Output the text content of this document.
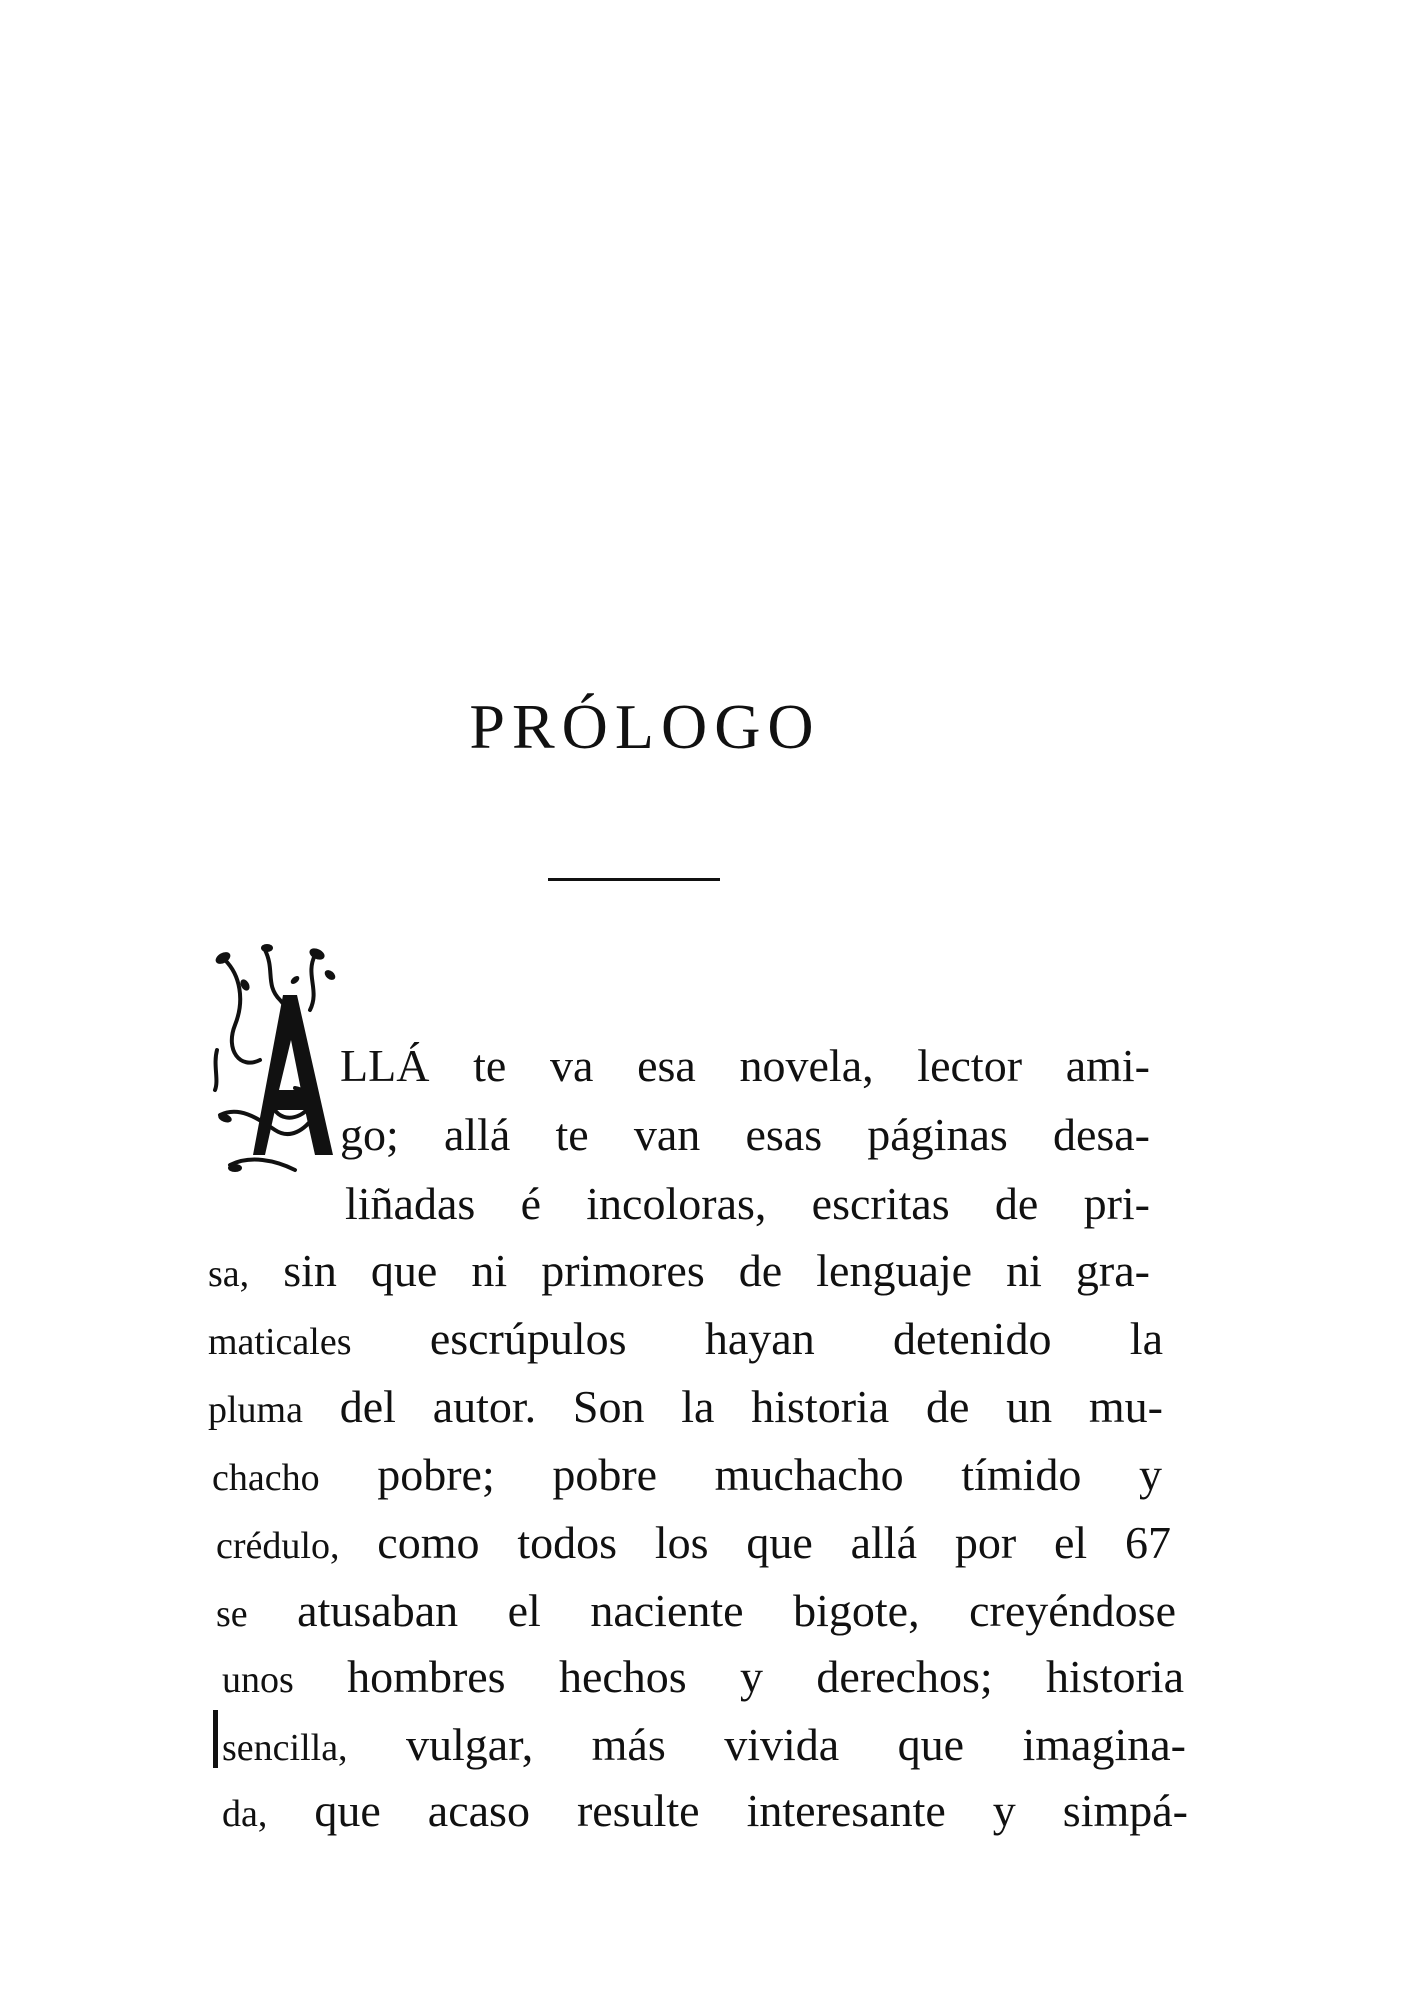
PRÓLOGO

LLÁ te va esa novela, lector ami-

go; allá te van esas páginas desa-

liñadas é incoloras, escritas de pri-

sa, sin que ni primores de lenguaje ni gra-

maticales escrúpulos hayan detenido la

pluma del autor. Son la historia de un mu-

chacho pobre; pobre muchacho tímido y

crédulo, como todos los que allá por el 67

se atusaban el naciente bigote, creyéndose

unos hombres hechos y derechos; historia

sencilla, vulgar, más vivida que imagina-

da, que acaso resulte interesante y simpá-
